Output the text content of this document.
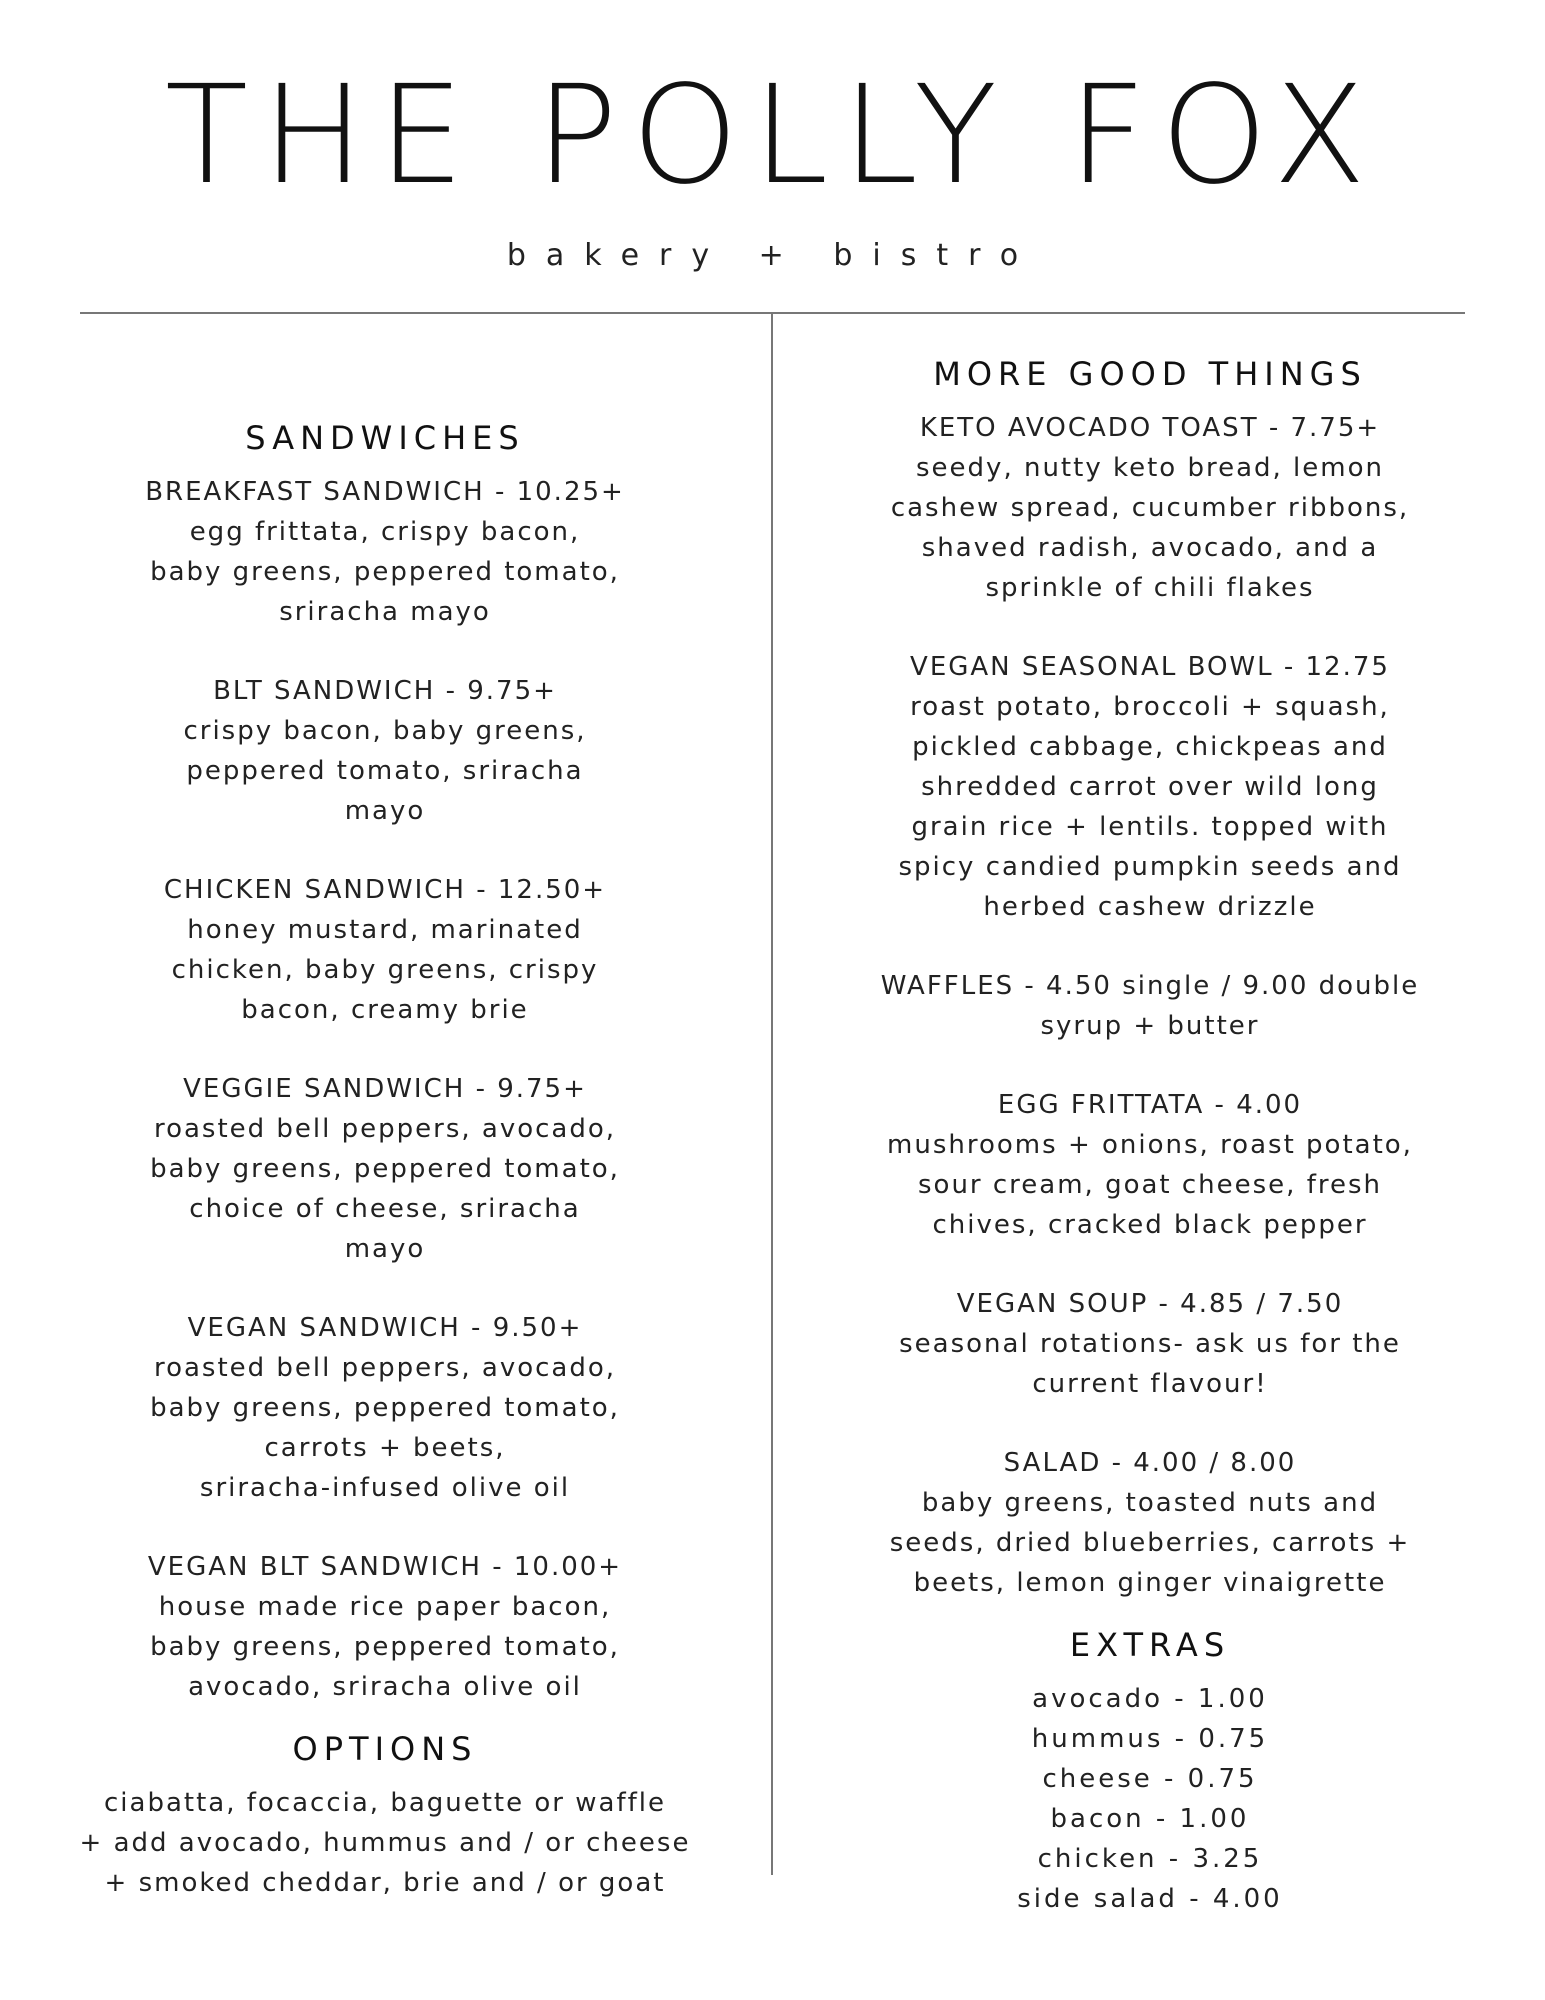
THE POLLY FOX
bakery + bistro
SANDWICHES
BREAKFAST SANDWICH - 10.25+
egg frittata, crispy bacon,
baby greens, peppered tomato,
sriracha mayo
BLT SANDWICH - 9.75+
crispy bacon, baby greens,
peppered tomato, sriracha
mayo
CHICKEN SANDWICH - 12.50+
honey mustard, marinated
chicken, baby greens, crispy
bacon, creamy brie
VEGGIE SANDWICH - 9.75+
roasted bell peppers, avocado,
baby greens, peppered tomato,
choice of cheese, sriracha
mayo
VEGAN SANDWICH - 9.50+
roasted bell peppers, avocado,
baby greens, peppered tomato,
carrots + beets,
sriracha-infused olive oil
VEGAN BLT SANDWICH - 10.00+
house made rice paper bacon,
baby greens, peppered tomato,
avocado, sriracha olive oil
OPTIONS
ciabatta, focaccia, baguette or waffle
+ add avocado, hummus and / or cheese
+ smoked cheddar, brie and / or goat
MORE GOOD THINGS
KETO AVOCADO TOAST - 7.75+
seedy, nutty keto bread, lemon
cashew spread, cucumber ribbons,
shaved radish, avocado, and a
sprinkle of chili flakes
VEGAN SEASONAL BOWL - 12.75
roast potato, broccoli + squash,
pickled cabbage, chickpeas and
shredded carrot over wild long
grain rice + lentils. topped with
spicy candied pumpkin seeds and
herbed cashew drizzle
WAFFLES - 4.50 single / 9.00 double
syrup + butter
EGG FRITTATA - 4.00
mushrooms + onions, roast potato,
sour cream, goat cheese, fresh
chives, cracked black pepper
VEGAN SOUP - 4.85 / 7.50
seasonal rotations- ask us for the
current flavour!
SALAD - 4.00 / 8.00
baby greens, toasted nuts and
seeds, dried blueberries, carrots +
beets, lemon ginger vinaigrette
EXTRAS
avocado - 1.00
hummus - 0.75
cheese - 0.75
bacon - 1.00
chicken - 3.25
side salad - 4.00
